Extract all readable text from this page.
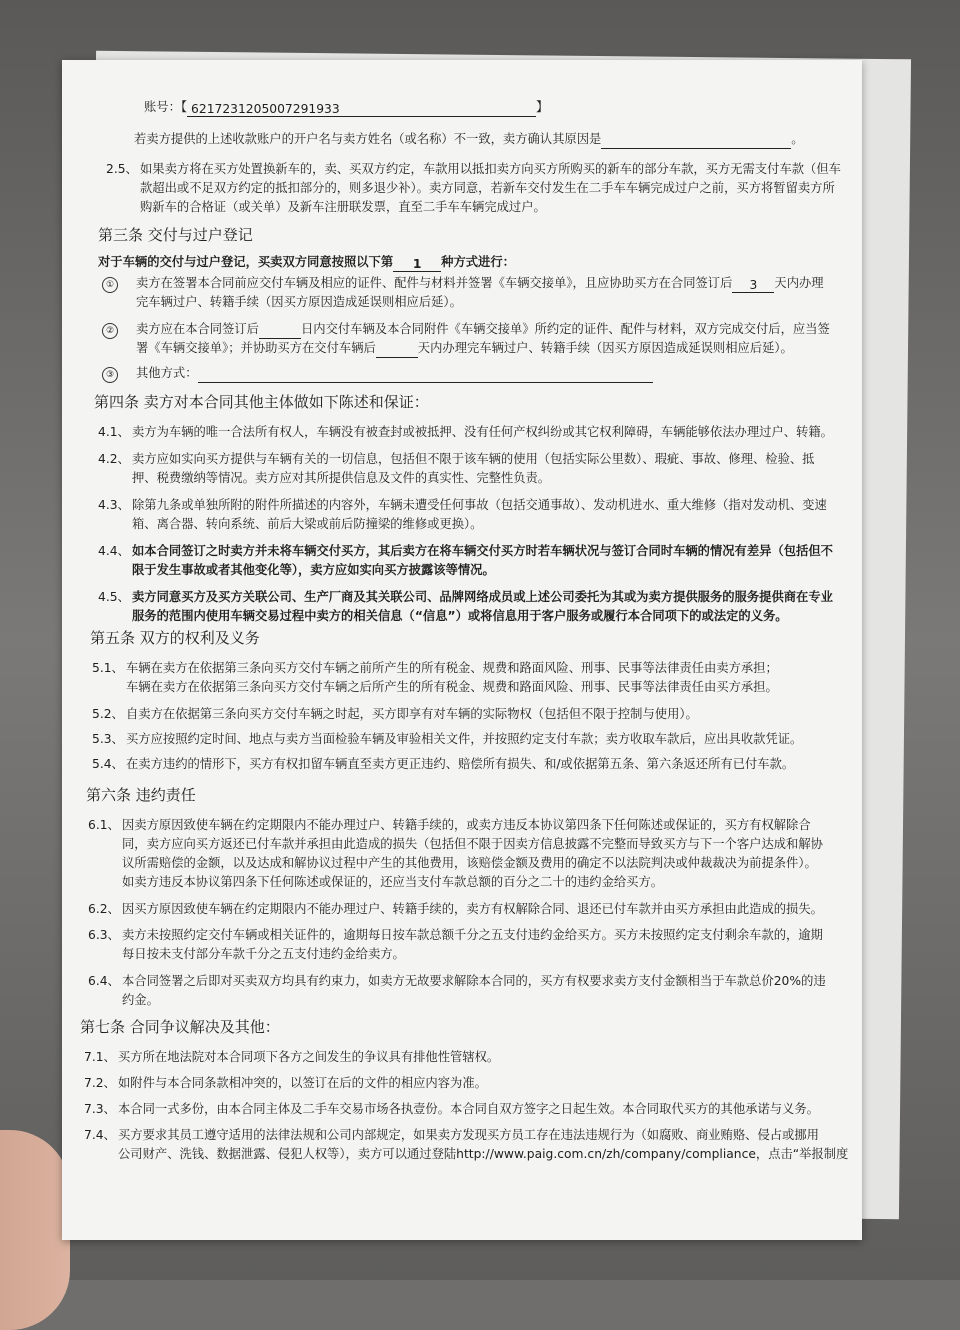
账号：【 6217231205007291933	】
若卖方提供的上述收款账户的开户名与卖方姓名（或名称）不一致，卖方确认其原因是	。
2.5、 如果卖方将在买方处置换新车的，卖、买双方约定，车款用以抵扣卖方向买方所购买的新车的部分车款，买方无需支付车款（但车
款超出或不足双方约定的抵扣部分的，则多退少补）。卖方同意，若新车交付发生在二手车车辆完成过户之前，买方将暂留卖方所
购新车的合格证（或关单）及新车注册联发票，直至二手车车辆完成过户。
第三条 交付与过户登记
对于车辆的交付与过户登记，买卖双方同意按照以下第 1 种方式进行：
① 卖方在签署本合同前应交付车辆及相应的证件、配件与材料并签署《车辆交接单》，且应协助买方在合同签订后 3 天内办理
完车辆过户、转籍手续（因买方原因造成延误则相应后延）。
② 卖方应在本合同签订后	日内交付车辆及本合同附件《车辆交接单》所约定的证件、配件与材料，双方完成交付后，应当签
署《车辆交接单》；并协助买方在交付车辆后	天内办理完车辆过户、转籍手续（因买方原因造成延误则相应后延）。
③ 其他方式：
第四条 卖方对本合同其他主体做如下陈述和保证：
4.1、 卖方为车辆的唯一合法所有权人，车辆没有被查封或被抵押、没有任何产权纠纷或其它权利障碍，车辆能够依法办理过户、转籍。
4.2、 卖方应如实向买方提供与车辆有关的一切信息，包括但不限于该车辆的使用（包括实际公里数）、瑕疵、事故、修理、检验、抵
押、税费缴纳等情况。卖方应对其所提供信息及文件的真实性、完整性负责。
4.3、 除第九条或单独所附的附件所描述的内容外，车辆未遭受任何事故（包括交通事故）、发动机进水、重大维修（指对发动机、变速
箱、离合器、转向系统、前后大梁或前后防撞梁的维修或更换）。
4.4、 如本合同签订之时卖方并未将车辆交付买方，其后卖方在将车辆交付买方时若车辆状况与签订合同时车辆的情况有差异（包括但不
限于发生事故或者其他变化等），卖方应如实向买方披露该等情况。
4.5、 卖方同意买方及买方关联公司、生产厂商及其关联公司、品牌网络成员或上述公司委托为其或为卖方提供服务的服务提供商在专业
服务的范围内使用车辆交易过程中卖方的相关信息（“信息”）或将信息用于客户服务或履行本合同项下的或法定的义务。
第五条 双方的权利及义务
5.1、 车辆在卖方在依据第三条向买方交付车辆之前所产生的所有税金、规费和路面风险、刑事、民事等法律责任由卖方承担；
车辆在卖方在依据第三条向买方交付车辆之后所产生的所有税金、规费和路面风险、刑事、民事等法律责任由买方承担。
5.2、 自卖方在依据第三条向买方交付车辆之时起，买方即享有对车辆的实际物权（包括但不限于控制与使用）。
5.3、 买方应按照约定时间、地点与卖方当面检验车辆及审验相关文件，并按照约定支付车款；卖方收取车款后，应出具收款凭证。
5.4、 在卖方违约的情形下，买方有权扣留车辆直至卖方更正违约、赔偿所有损失、和/或依据第五条、第六条返还所有已付车款。
第六条 违约责任
6.1、 因卖方原因致使车辆在约定期限内不能办理过户、转籍手续的，或卖方违反本协议第四条下任何陈述或保证的，买方有权解除合
同，卖方应向买方返还已付车款并承担由此造成的损失（包括但不限于因卖方信息披露不完整而导致买方与下一个客户达成和解协
议所需赔偿的金额，以及达成和解协议过程中产生的其他费用，该赔偿金额及费用的确定不以法院判决或仲裁裁决为前提条件）。
如卖方违反本协议第四条下任何陈述或保证的，还应当支付车款总额的百分之二十的违约金给买方。
6.2、 因买方原因致使车辆在约定期限内不能办理过户、转籍手续的，卖方有权解除合同、退还已付车款并由买方承担由此造成的损失。
6.3、 卖方未按照约定交付车辆或相关证件的，逾期每日按车款总额千分之五支付违约金给买方。买方未按照约定支付剩余车款的，逾期
每日按未支付部分车款千分之五支付违约金给卖方。
6.4、 本合同签署之后即对买卖双方均具有约束力，如卖方无故要求解除本合同的，买方有权要求卖方支付金额相当于车款总价20%的违
约金。
第七条 合同争议解决及其他：
7.1、 买方所在地法院对本合同项下各方之间发生的争议具有排他性管辖权。
7.2、 如附件与本合同条款相冲突的，以签订在后的文件的相应内容为准。
7.3、 本合同一式多份，由本合同主体及二手车交易市场各执壹份。本合同自双方签字之日起生效。本合同取代买方的其他承诺与义务。
7.4、 买方要求其员工遵守适用的法律法规和公司内部规定，如果卖方发现买方员工存在违法违规行为（如腐败、商业贿赂、侵占或挪用
公司财产、洗钱、数据泄露、侵犯人权等），卖方可以通过登陆http://www.paig.com.cn/zh/company/compliance，点击“举报制度
